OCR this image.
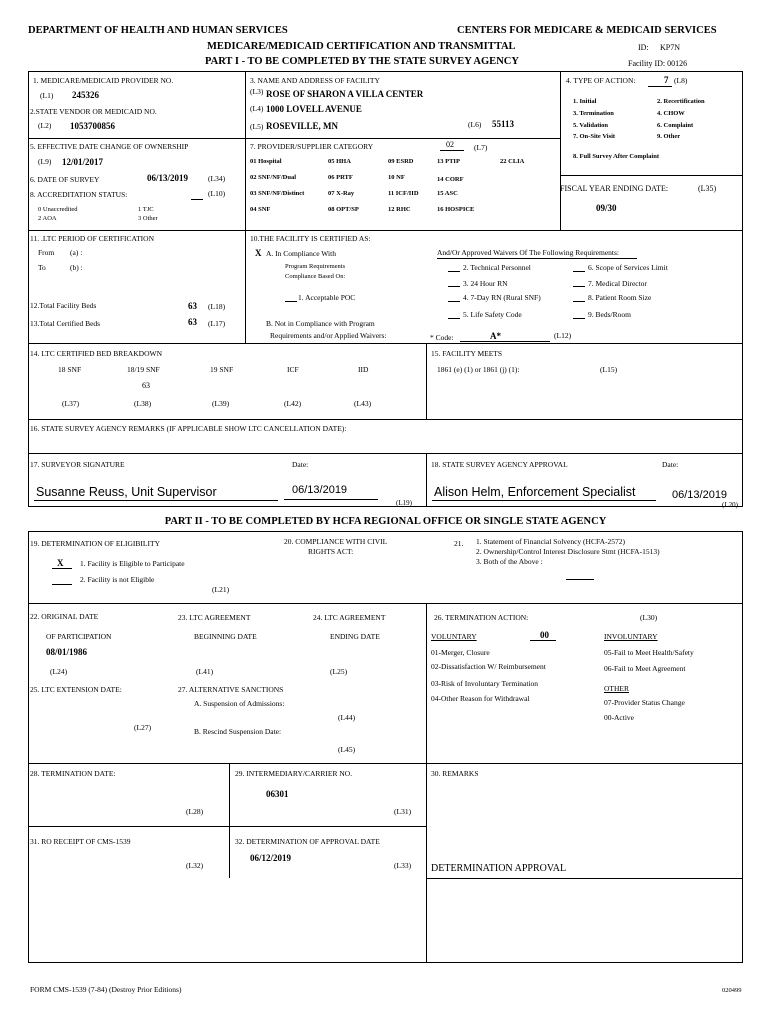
DEPARTMENT OF HEALTH AND HUMAN SERVICES	CENTERS FOR MEDICARE & MEDICAID SERVICES
MEDICARE/MEDICAID CERTIFICATION AND TRANSMITTAL	ID: KP7N
PART I - TO BE COMPLETED BY THE STATE SURVEY AGENCY	Facility ID: 00126
1. MEDICARE/MEDICAID PROVIDER NO.
(L1) 245326
2.STATE VENDOR OR MEDICAID NO.
(L2) 1053700856
3. NAME AND ADDRESS OF FACILITY
(L3) ROSE OF SHARON A VILLA CENTER
(L4) 1000 LOVELL AVENUE
(L5) ROSEVILLE, MN	(L6) 55113
4. TYPE OF ACTION:	7 (L8)
1. Initial	2. Recertification
3. Termination	4. CHOW
5. Validation	6. Complaint
7. On-Site Visit	9. Other
8. Full Survey After Complaint
5. EFFECTIVE DATE CHANGE OF OWNERSHIP
(L9) 12/01/2017
6. DATE OF SURVEY	06/13/2019	(L34)
7. PROVIDER/SUPPLIER CATEGORY	02	(L7)
01 Hospital	05 HHA	09 ESRD	13 PTIP	22 CLIA
02 SNF/NF/Dual	06 PRTF	10 NF	14 CORF
03 SNF/NF/Distinct	07 X-Ray	11 ICF/IID	15 ASC
04 SNF	08 OPT/SP	12 RHC	16 HOSPICE
8. ACCREDITATION STATUS:	(L10)
0 Unaccredited	1 TJC
2 AOA	3 Other
FISCAL YEAR ENDING DATE:	(L35)
09/30
11. .LTC PERIOD OF CERTIFICATION
From (a) :
To	(b) :
12.Total Facility Beds	63 (L18)
13.Total Certified Beds	63 (L17)
10.THE FACILITY IS CERTIFIED AS:
X A. In Compliance With
Program Requirements
Compliance Based On:
1. Acceptable POC
B. Not in Compliance with Program
Requirements and/or Applied Waivers:
And/Or Approved Waivers Of The Following Requirements:
2. Technical Personnel
3. 24 Hour RN
4. 7-Day RN (Rural SNF)
5. Life Safety Code
6. Scope of Services Limit
7. Medical Director
8. Patient Room Size
9. Beds/Room
* Code:	A*	(L12)
14. LTC CERTIFIED BED BREAKDOWN
18 SNF	18/19 SNF	19 SNF	ICF	IID
63
(L37)	(L38)	(L39)	(L42)	(L43)
15. FACILITY MEETS
1861 (e) (1) or 1861 (j) (1):	(L15)
16. STATE SURVEY AGENCY REMARKS (IF APPLICABLE SHOW LTC CANCELLATION DATE):
17. SURVEYOR SIGNATURE	Date:
Susanne Reuss, Unit Supervisor	06/13/2019
(L19)
18. STATE SURVEY AGENCY APPROVAL	Date:
Alison Helm, Enforcement Specialist	06/13/2019
(L20)
PART II - TO BE COMPLETED BY HCFA REGIONAL OFFICE OR SINGLE STATE AGENCY
19. DETERMINATION OF ELIGIBILITY
X 1. Facility is Eligible to Participate
2. Facility is not Eligible
(L21)
20. COMPLIANCE WITH CIVIL
RIGHTS ACT:
21. 1. Statement of Financial Solvency (HCFA-2572)
2. Ownership/Control Interest Disclosure Stmt (HCFA-1513)
3. Both of the Above :
22. ORIGINAL DATE
OF PARTICIPATION
08/01/1986
(L24)
23. LTC AGREEMENT
BEGINNING DATE
(L41)
24. LTC AGREEMENT
ENDING DATE
(L25)
25. LTC EXTENSION DATE:
(L27)
27. ALTERNATIVE SANCTIONS
A. Suspension of Admissions:
(L44)
B. Rescind Suspension Date:
(L45)
26. TERMINATION ACTION:	(L30)
VOLUNTARY	00	INVOLUNTARY
01-Merger, Closure
02-Dissatisfaction W/ Reimbursement
03-Risk of Involuntary Termination
04-Other Reason for Withdrawal
05-Fail to Meet Health/Safety
06-Fail to Meet Agreement
OTHER
07-Provider Status Change
00-Active
28. TERMINATION DATE:
(L28)
29. INTERMEDIARY/CARRIER NO.
06301
(L31)
30. REMARKS
DETERMINATION APPROVAL
31. RO RECEIPT OF CMS-1539
(L32)
32. DETERMINATION OF APPROVAL DATE
06/12/2019
(L33)
FORM CMS-1539 (7-84) (Destroy Prior Editions)	020499
